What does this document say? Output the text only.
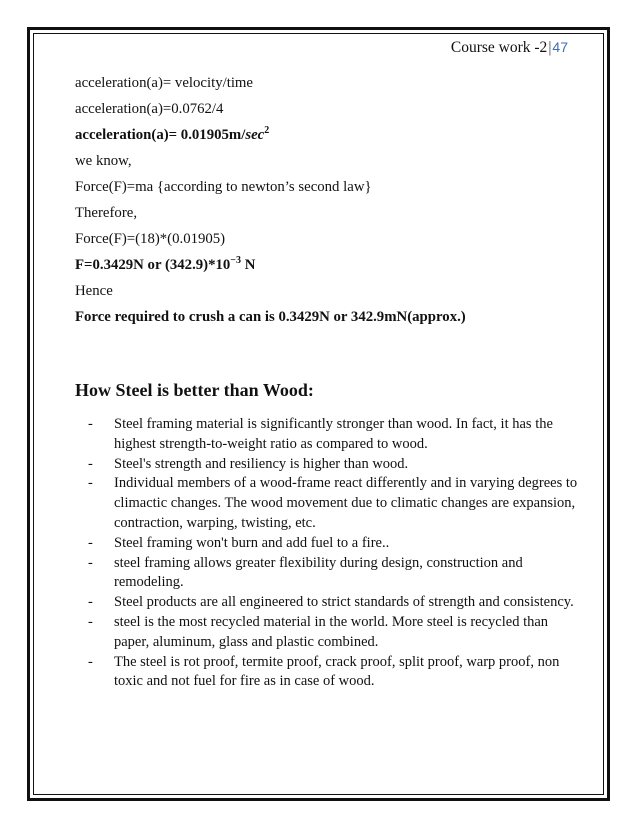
Course work -2|47
acceleration(a)= velocity/time
acceleration(a)=0.0762/4
acceleration(a)= $0.01905m/\sec^2$
we know,
Force(F)=ma {according to newton’s second law}
Therefore,
Force(F)=(18)*(0.01905)
F=0.3429N or $(342.9)*10^{-3}$ N
Hence
Force required to crush a can is 0.3429N or 342.9mN(approx.)
How Steel is better than Wood:
- Steel framing material is significantly stronger than wood. In fact, it has the highest strength-to-weight ratio as compared to wood.
- Steel's strength and resiliency is higher than wood.
- Individual members of a wood-frame react differently and in varying degrees to climactic changes. The wood movement due to climatic changes are expansion, contraction, warping, twisting, etc.
- Steel framing won't burn and add fuel to a fire..
- steel framing allows greater flexibility during design, construction and remodeling.
- Steel products are all engineered to strict standards of strength and consistency.
- steel is the most recycled material in the world. More steel is recycled than paper, aluminum, glass and plastic combined.
- The steel is rot proof, termite proof, crack proof, split proof, warp proof, non toxic and not fuel for fire as in case of wood.
